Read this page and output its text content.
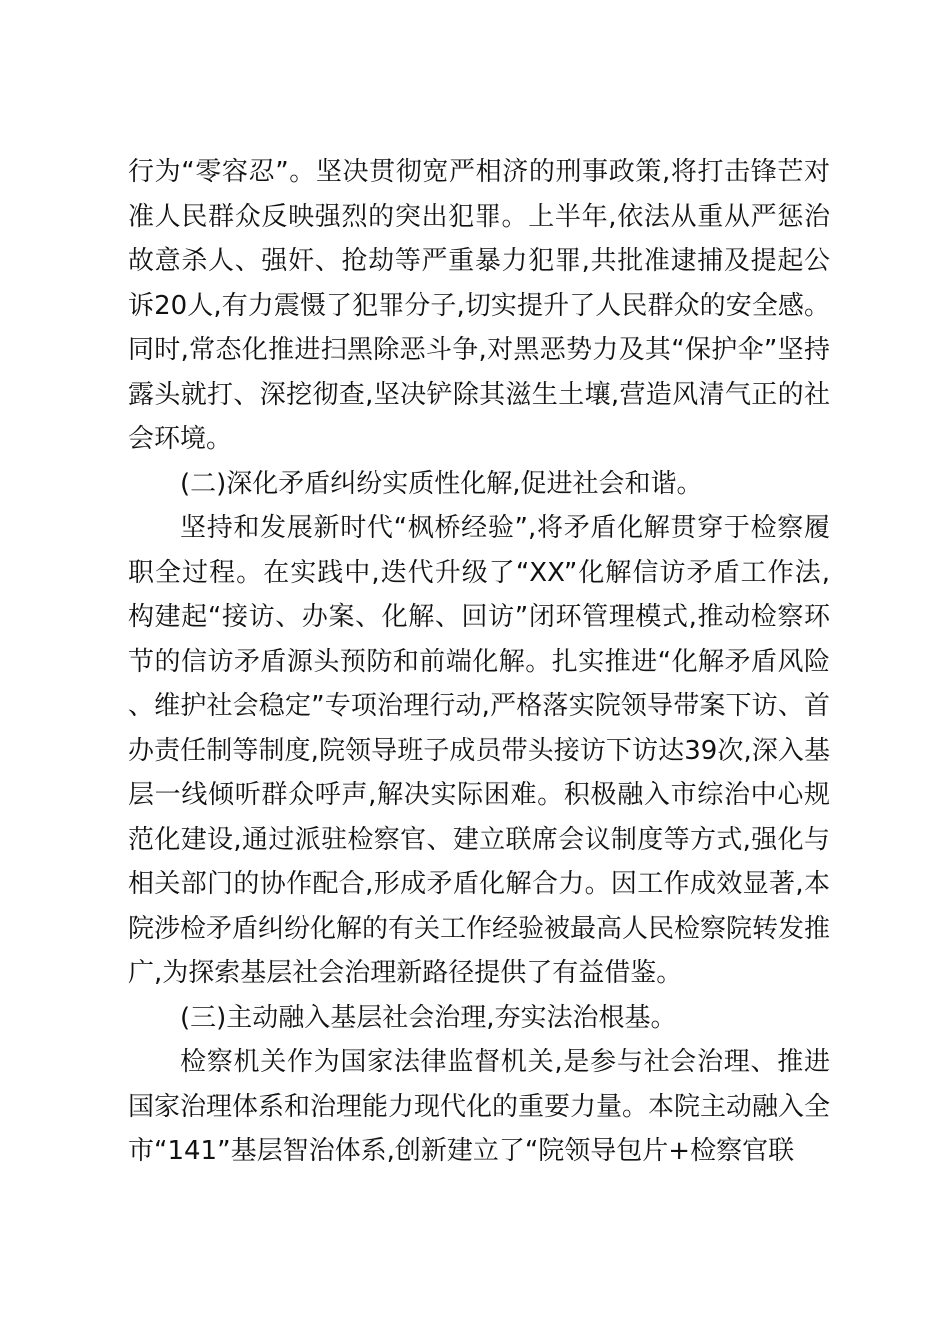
行为“零容忍”。坚决贯彻宽严相济的刑事政策,将打击锋芒对准人民群众反映强烈的突出犯罪。上半年,依法从重从严惩治故意杀人、强奸、抢劫等严重暴力犯罪,共批准逮捕及提起公诉20人,有力震慑了犯罪分子,切实提升了人民群众的安全感。同时,常态化推进扫黑除恶斗争,对黑恶势力及其“保护伞”坚持露头就打、深挖彻查,坚决铲除其滋生土壤,营造风清气正的社会环境。

(二)深化矛盾纠纷实质性化解,促进社会和谐。

坚持和发展新时代“枫桥经验”,将矛盾化解贯穿于检察履职全过程。在实践中,迭代升级了“XX”化解信访矛盾工作法,构建起“接访、办案、化解、回访”闭环管理模式,推动检察环节的信访矛盾源头预防和前端化解。扎实推进“化解矛盾风险、维护社会稳定”专项治理行动,严格落实院领导带案下访、首办责任制等制度,院领导班子成员带头接访下访达39次,深入基层一线倾听群众呼声,解决实际困难。积极融入市综治中心规范化建设,通过派驻检察官、建立联席会议制度等方式,强化与相关部门的协作配合,形成矛盾化解合力。因工作成效显著,本院涉检矛盾纠纷化解的有关工作经验被最高人民检察院转发推广,为探索基层社会治理新路径提供了有益借鉴。

(三)主动融入基层社会治理,夯实法治根基。

检察机关作为国家法律监督机关,是参与社会治理、推进国家治理体系和治理能力现代化的重要力量。本院主动融入全市“141”基层智治体系,创新建立了“院领导包片+检察官联
